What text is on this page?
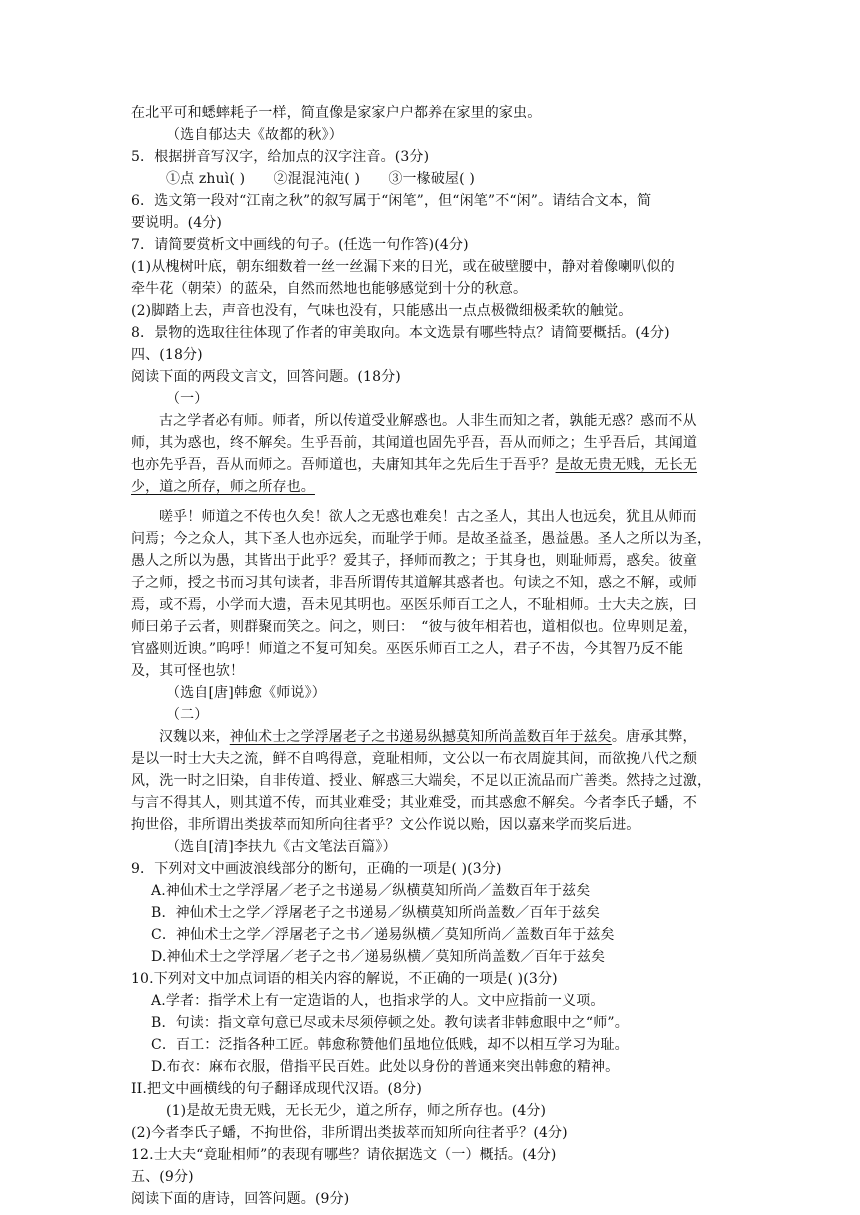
在北平可和蟋蟀耗子一样，简直像是家家户户都养在家里的家虫。
（选自郁达夫《故都的秋》）
5．根据拼音写汉字，给加点的汉字注音。(3分)
①点 zhuì( )　　②混混沌沌( )　　③一椽破屋( )
6．选文第一段对“江南之秋”的叙写属于“闲笔”，但“闲笔”不“闲”。请结合文本，简
要说明。(4分)
7．请简要赏析文中画线的句子。(任选一句作答)(4分)
(1)从槐树叶底，朝东细数着一丝一丝漏下来的日光，或在破壁腰中，静对着像喇叭似的
牵牛花（朝荣）的蓝朵，自然而然地也能够感觉到十分的秋意。
(2)脚踏上去，声音也没有，气味也没有，只能感出一点点极微细极柔软的触觉。
8．景物的选取往往体现了作者的审美取向。本文选景有哪些特点？请简要概括。(4分)
四、(18分)
阅读下面的两段文言文，回答问题。(18分)
（一）
古之学者必有师。师者，所以传道受业解惑也。人非生而知之者，孰能无惑？惑而不从
师，其为惑也，终不解矣。生乎吾前，其闻道也固先乎吾，吾从而师之；生乎吾后，其闻道
也亦先乎吾，吾从而师之。吾师道也，夫庸知其年之先后生于吾乎？是故无贵无贱，无长无
少，道之所存，师之所存也。
嗟乎！师道之不传也久矣！欲人之无惑也难矣！古之圣人，其出人也远矣，犹且从师而
问焉；今之众人，其下圣人也亦远矣，而耻学于师。是故圣益圣，愚益愚。圣人之所以为圣，
愚人之所以为愚，其皆出于此乎？爱其子，择师而教之；于其身也，则耻师焉，惑矣。彼童
子之师，授之书而习其句读者，非吾所谓传其道解其惑者也。句读之不知，惑之不解，或师
焉，或不焉，小学而大遗，吾未见其明也。巫医乐师百工之人，不耻相师。士大夫之族，曰
师曰弟子云者，则群聚而笑之。问之，则曰：　“彼与彼年相若也，道相似也。位卑则足羞，
官盛则近谀。”呜呼！师道之不复可知矣。巫医乐师百工之人，君子不齿，今其智乃反不能
及，其可怪也欤！
（选自[唐]韩愈《师说》）
（二）
汉魏以来，神仙术士之学浮屠老子之书递易纵撼莫知所尚盖数百年于兹矣。唐承其弊，
是以一时士大夫之流，鲜不自鸣得意，竟耻相师，文公以一布衣周旋其间，而欲挽八代之颓
风，洗一时之旧染，自非传道、授业、解惑三大端矣，不足以正流品而广善类。然持之过激，
与言不得其人，则其道不传，而其业难受；其业难受，而其惑愈不解矣。今者李氏子蟠，不
拘世俗，非所谓出类拔萃而知所向往者乎？文公作说以贻，因以嘉来学而奖后进。
（选自[清]李扶九《古文笔法百篇》）
9．下列对文中画波浪线部分的断句，正确的一项是( )(3分)
A.神仙术士之学浮屠／老子之书递易／纵横莫知所尚／盖数百年于兹矣
B．神仙术士之学／浮屠老子之书递易／纵横莫知所尚盖数／百年于兹矣
C．神仙术士之学／浮屠老子之书／递易纵横／莫知所尚／盖数百年于兹矣
D.神仙术士之学浮屠／老子之书／递易纵横／莫知所尚盖数／百年于兹矣
10.下列对文中加点词语的相关内容的解说，不正确的一项是( )(3分)
A.学者：指学术上有一定造诣的人，也指求学的人。文中应指前一义项。
B．句读：指文章句意已尽或未尽须停顿之处。教句读者非韩愈眼中之“师”。
C．百工：泛指各种工匠。韩愈称赞他们虽地位低贱，却不以相互学习为耻。
D.布衣：麻布衣服，借指平民百姓。此处以身份的普通来突出韩愈的精神。
II.把文中画横线的句子翻译成现代汉语。(8分)
(1)是故无贵无贱，无长无少，道之所存，师之所存也。(4分)
(2)今者李氏子蟠，不拘世俗，非所谓出类拔萃而知所向往者乎？(4分)
12.士大夫“竟耻相师”的表现有哪些？请依据选文（一）概括。(4分)
五、(9分)
阅读下面的唐诗，回答问题。(9分)
